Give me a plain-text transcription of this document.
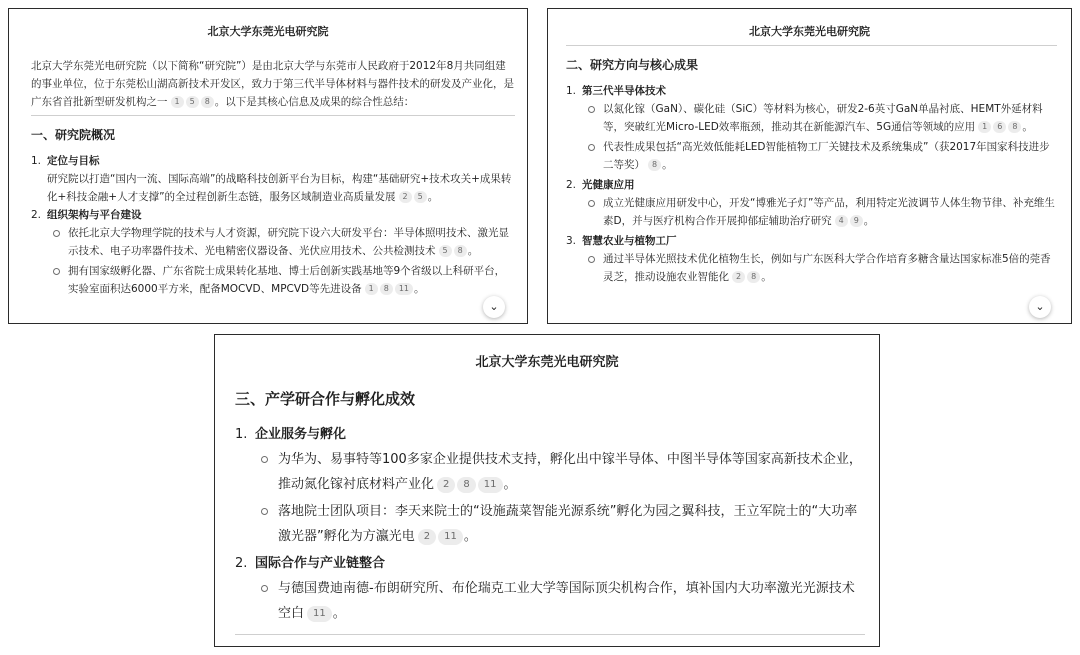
北京大学东莞光电研究院
北京大学东莞光电研究院（以下简称“研究院”）是由北京大学与东莞市人民政府于2012年8月共同组建的事业单位，位于东莞松山湖高新技术开发区，致力于第三代半导体材料与器件技术的研发及产业化，是广东省首批新型研发机构之一 1 5 8 。以下是其核心信息及成果的综合性总结：
一、研究院概况
1. 定位与目标
研究院以打造“国内一流、国际高端”的战略科技创新平台为目标，构建“基础研究+技术攻关+成果转化+科技金融+人才支撑”的全过程创新生态链，服务区域制造业高质量发展 2 5 。
2. 组织架构与平台建设
依托北京大学物理学院的技术与人才资源，研究院下设六大研发平台：半导体照明技术、激光显示技术、电子功率器件技术、光电精密仪器设备、光伏应用技术、公共检测技术 5 8 。
拥有国家级孵化器、广东省院士成果转化基地、博士后创新实践基地等9个省级以上科研平台，实验室面积达6000平方米，配备MOCVD、MPCVD等先进设备 1 8 11 。
⌄
北京大学东莞光电研究院
二、研究方向与核心成果
1. 第三代半导体技术
以氮化镓（GaN）、碳化硅（SiC）等材料为核心，研发2-6英寸GaN单晶衬底、HEMT外延材料等，突破红光Micro-LED效率瓶颈，推动其在新能源汽车、5G通信等领域的应用 1 6 8 。
代表性成果包括“高光效低能耗LED智能植物工厂关键技术及系统集成”（获2017年国家科技进步二等奖） 8 。
2. 光健康应用
成立光健康应用研发中心，开发“博雅光子灯”等产品，利用特定光波调节人体生物节律、补充维生素D，并与医疗机构合作开展抑郁症辅助治疗研究 4 9 。
3. 智慧农业与植物工厂
通过半导体光照技术优化植物生长，例如与广东医科大学合作培育多糖含量达国家标准5倍的莞香灵芝，推动设施农业智能化 2 8 。
⌄
北京大学东莞光电研究院
三、产学研合作与孵化成效
1. 企业服务与孵化
为华为、易事特等100多家企业提供技术支持，孵化出中镓半导体、中图半导体等国家高新技术企业，推动氮化镓衬底材料产业化 2 8 11 。
落地院士团队项目：李天来院士的“设施蔬菜智能光源系统”孵化为园之翼科技，王立军院士的“大功率激光器”孵化为方瀛光电 2 11 。
2. 国际合作与产业链整合
与德国费迪南德-布朗研究所、布伦瑞克工业大学等国际顶尖机构合作，填补国内大功率激光光源技术空白 11 。
